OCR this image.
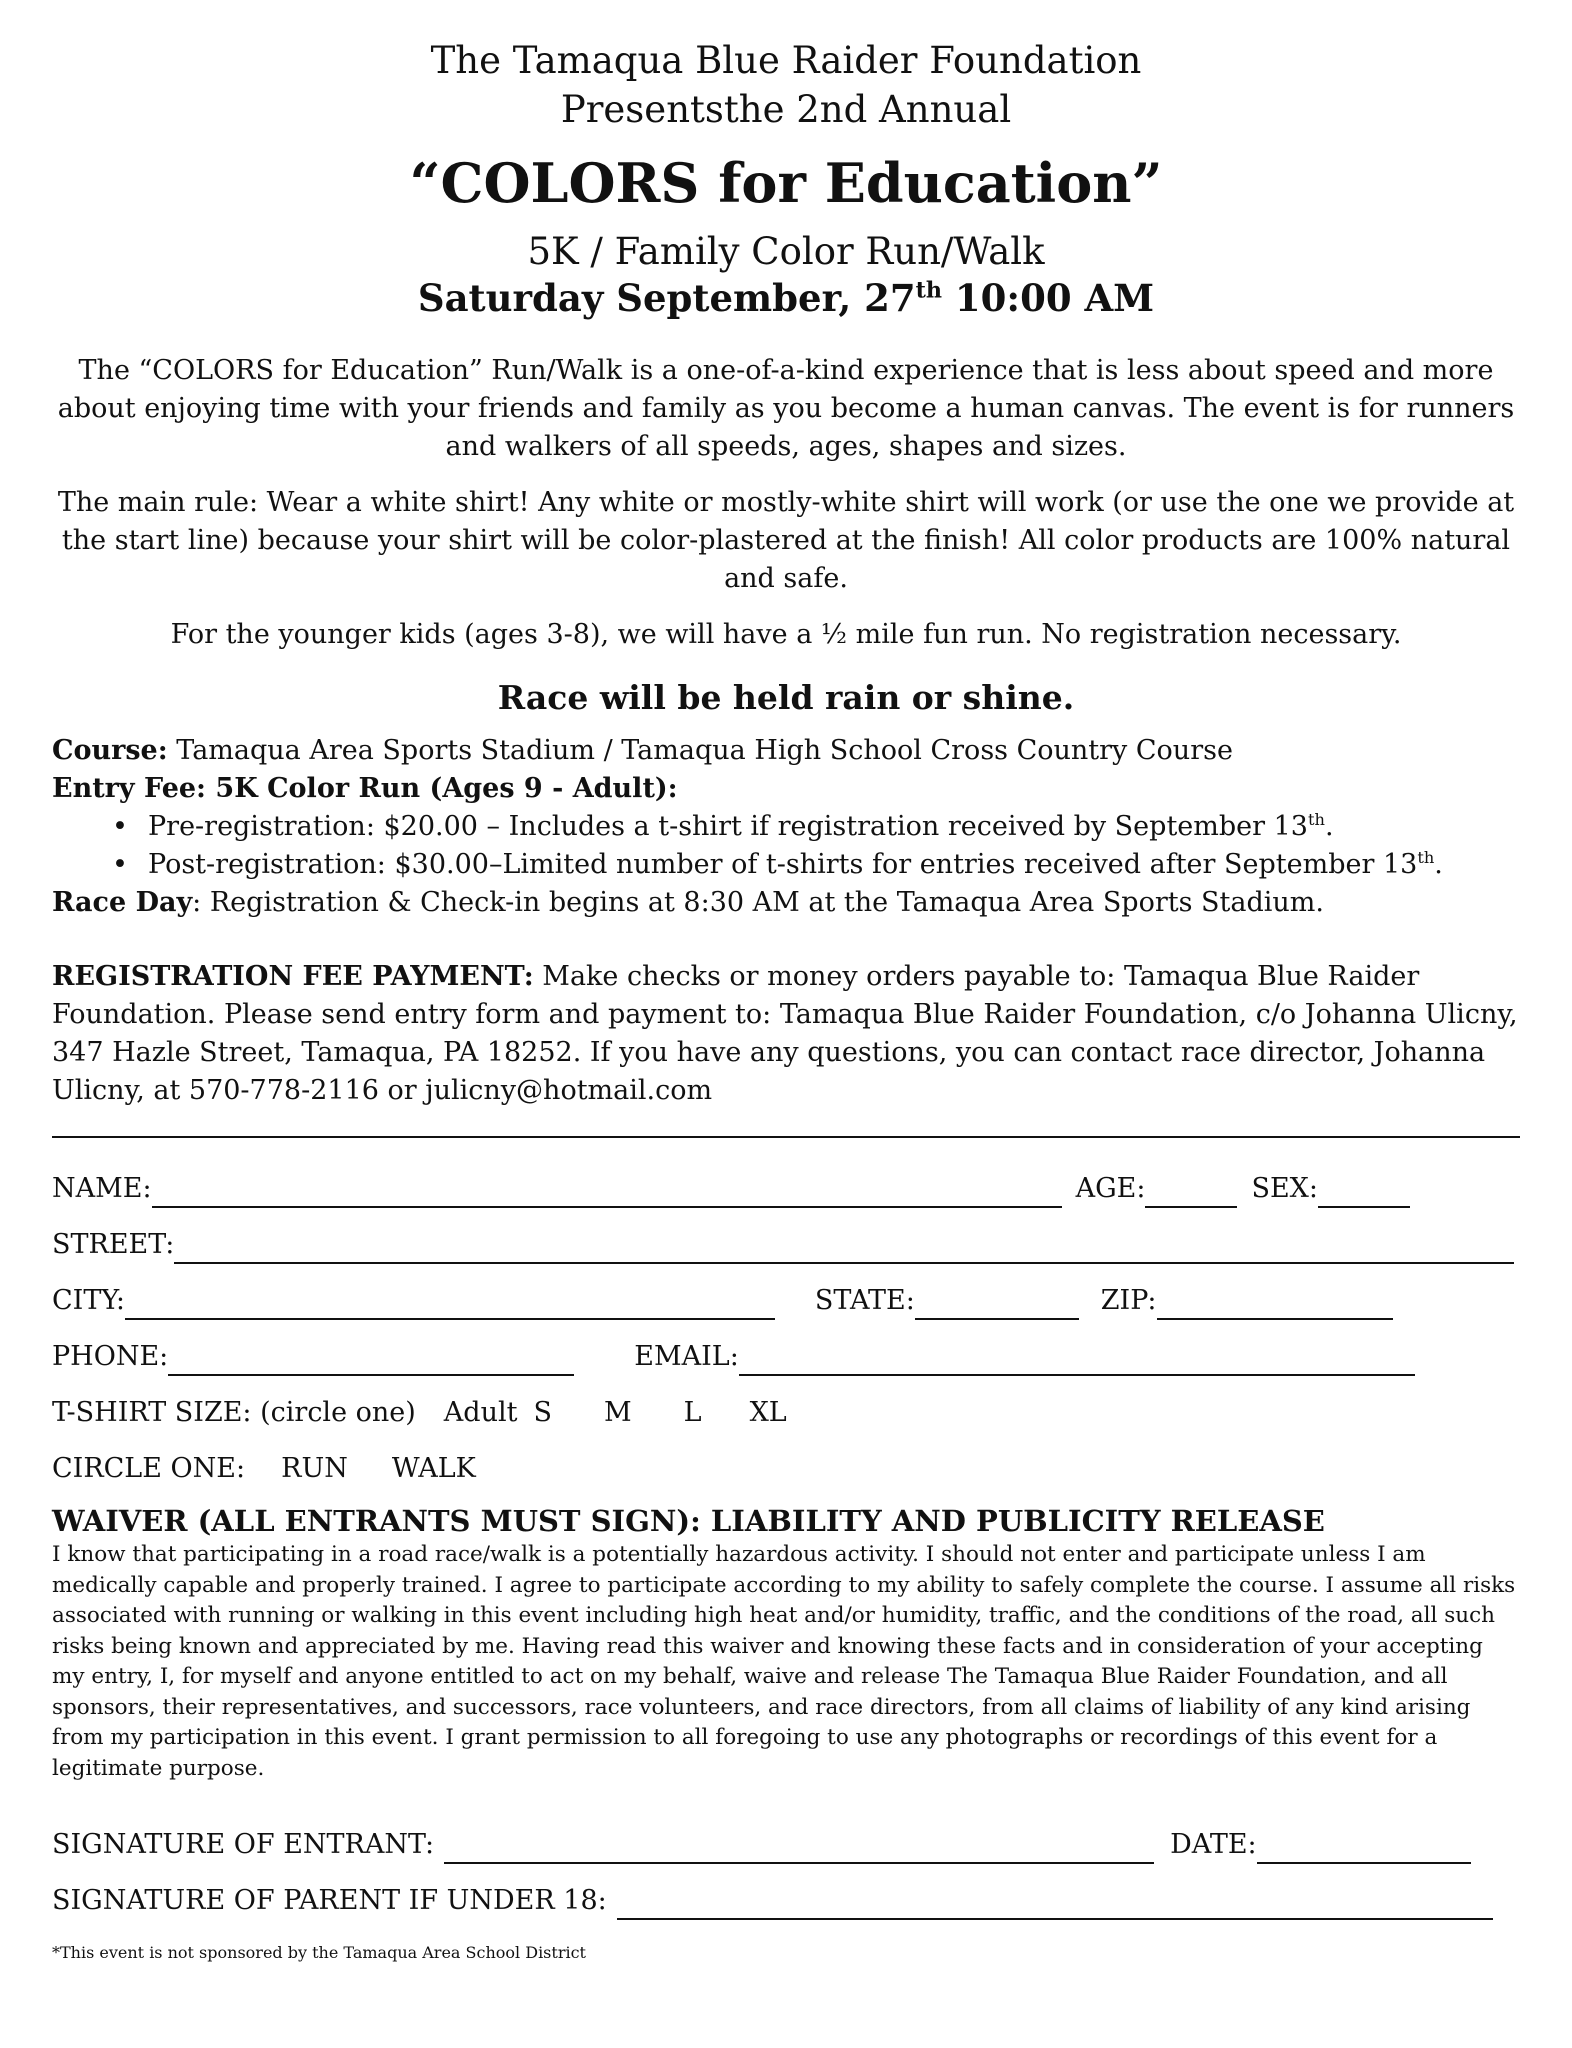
The Tamaqua Blue Raider Foundation

Presentsthe 2nd Annual

“COLORS for Education”

5K / Family Color Run/Walk

Saturday September, 27th 10:00 AM

The “COLORS for Education” Run/Walk is a one-of-a-kind experience that is less about speed and more about enjoying time with your friends and family as you become a human canvas. The event is for runners and walkers of all speeds, ages, shapes and sizes.

The main rule: Wear a white shirt! Any white or mostly-white shirt will work (or use the one we provide at the start line) because your shirt will be color-plastered at the finish! All color products are 100% natural and safe.

For the younger kids (ages 3-8), we will have a ½ mile fun run. No registration necessary.

Race will be held rain or shine.

Course: Tamaqua Area Sports Stadium / Tamaqua High School Cross Country Course

Entry Fee: 5K Color Run (Ages 9 - Adult):

• Pre-registration: $20.00 – Includes a t-shirt if registration received by September 13th.
• Post-registration: $30.00–Limited number of t-shirts for entries received after September 13th.

Race Day: Registration & Check-in begins at 8:30 AM at the Tamaqua Area Sports Stadium.

REGISTRATION FEE PAYMENT: Make checks or money orders payable to: Tamaqua Blue Raider Foundation. Please send entry form and payment to: Tamaqua Blue Raider Foundation, c/o Johanna Ulicny, 347 Hazle Street, Tamaqua, PA 18252. If you have any questions, you can contact race director, Johanna Ulicny, at 570-778-2116 or julicny@hotmail.com

NAME:	AGE:	SEX:
STREET:
CITY:	STATE:	ZIP:
PHONE:	EMAIL:
T-SHIRT SIZE: (circle one) Adult S M L XL
CIRCLE ONE: RUN WALK
WAIVER (ALL ENTRANTS MUST SIGN): LIABILITY AND PUBLICITY RELEASE

I know that participating in a road race/walk is a potentially hazardous activity. I should not enter and participate unless I am medically capable and properly trained. I agree to participate according to my ability to safely complete the course. I assume all risks associated with running or walking in this event including high heat and/or humidity, traffic, and the conditions of the road, all such risks being known and appreciated by me. Having read this waiver and knowing these facts and in consideration of your accepting my entry, I, for myself and anyone entitled to act on my behalf, waive and release The Tamaqua Blue Raider Foundation, and all sponsors, their representatives, and successors, race volunteers, and race directors, from all claims of liability of any kind arising from my participation in this event. I grant permission to all foregoing to use any photographs or recordings of this event for a legitimate purpose.

SIGNATURE OF ENTRANT:	DATE:
SIGNATURE OF PARENT IF UNDER 18:

*This event is not sponsored by the Tamaqua Area School District
